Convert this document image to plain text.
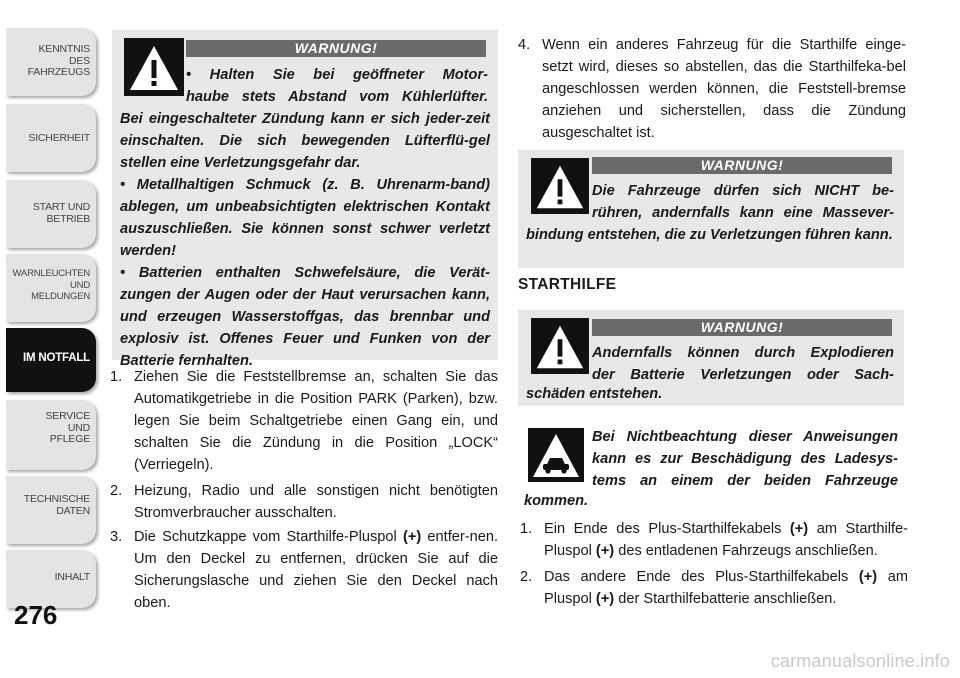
KENNTNIS
DES
FAHRZEUGS
SICHERHEIT
START UND
BETRIEB
WARNLEUCHTEN
UND
MELDUNGEN
IM NOTFALL
SERVICE
UND
PFLEGE
TECHNISCHE
DATEN
INHALT
276
WARNUNG!
• Halten Sie bei geöffneter Motor-
haube stets Abstand vom Kühlerlüfter.
Bei eingeschalteter Zündung kann er sich jeder-zeit einschalten. Die sich bewegenden Lüfterflü-gel stellen eine Verletzungsgefahr dar.
• Metallhaltigen Schmuck (z. B. Uhrenarm-band) ablegen, um unbeabsichtigten elektrischen Kontakt auszuschließen. Sie können sonst schwer verletzt werden!
• Batterien enthalten Schwefelsäure, die Verät-zungen der Augen oder der Haut verursachen kann, und erzeugen Wasserstoffgas, das brennbar und explosiv ist. Offenes Feuer und Funken von der Batterie fernhalten.
1. Ziehen Sie die Feststellbremse an, schalten Sie das Automatikgetriebe in die Position PARK (Parken), bzw. legen Sie beim Schaltgetriebe einen Gang ein, und schalten Sie die Zündung in die Position „LOCK“ (Verriegeln).
2. Heizung, Radio und alle sonstigen nicht benötigten Stromverbraucher ausschalten.
3. Die Schutzkappe vom Starthilfe-Pluspol (+) entfer-nen. Um den Deckel zu entfernen, drücken Sie auf die Sicherungslasche und ziehen Sie den Deckel nach oben.
4. Wenn ein anderes Fahrzeug für die Starthilfe einge-setzt wird, dieses so abstellen, das die Starthilfeka-bel angeschlossen werden können, die Feststell-bremse anziehen und sicherstellen, dass die Zündung ausgeschaltet ist.
WARNUNG!
Die Fahrzeuge dürfen sich NICHT be-
rühren, andernfalls kann eine Massever-
bindung entstehen, die zu Verletzungen führen kann.
STARTHILFE
WARNUNG!
Andernfalls können durch Explodieren
der Batterie Verletzungen oder Sach-
schäden entstehen.
Bei Nichtbeachtung dieser Anweisungen
kann es zur Beschädigung des Ladesys-
tems an einem der beiden Fahrzeuge
kommen.
1. Ein Ende des Plus-Starthilfekabels (+) am Starthilfe-Pluspol (+) des entladenen Fahrzeugs anschließen.
2. Das andere Ende des Plus-Starthilfekabels (+) am Pluspol (+) der Starthilfebatterie anschließen.
carmanualsonline.info
